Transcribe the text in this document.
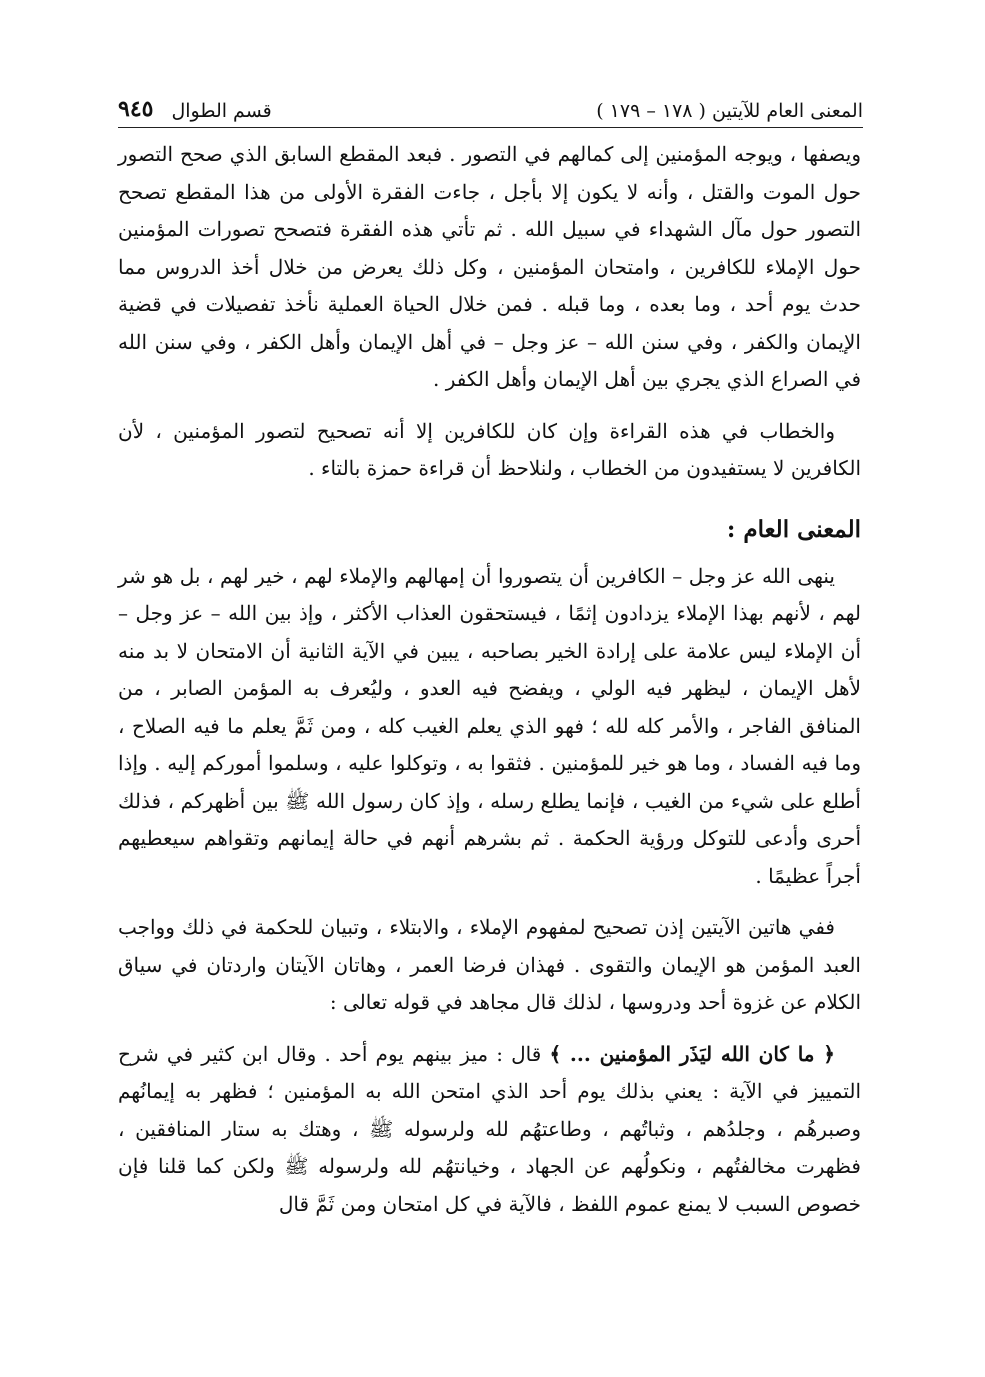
المعنى العام للآيتين ( ١٧٨ – ١٧٩ )
قسم الطوال
٩٤٥

ويصفها ، ويوجه المؤمنين إلى كمالهم في التصور . فبعد المقطع السابق الذي صحح التصور حول الموت والقتل ، وأنه لا يكون إلا بأجل ، جاءت الفقرة الأولى من هذا المقطع تصحح التصور حول مآل الشهداء في سبيل الله . ثم تأتي هذه الفقرة فتصحح تصورات المؤمنين حول الإملاء للكافرين ، وامتحان المؤمنين ، وكل ذلك يعرض من خلال أخذ الدروس مما حدث يوم أحد ، وما بعده ، وما قبله . فمن خلال الحياة العملية نأخذ تفصيلات في قضية الإيمان والكفر ، وفي سنن الله – عز وجل – في أهل الإيمان وأهل الكفر ، وفي سنن الله في الصراع الذي يجري بين أهل الإيمان وأهل الكفر .

والخطاب في هذه القراءة وإن كان للكافرين إلا أنه تصحيح لتصور المؤمنين ، لأن الكافرين لا يستفيدون من الخطاب ، ولنلاحظ أن قراءة حمزة بالتاء .

المعنى العام :

ينهى الله عز وجل – الكافرين أن يتصوروا أن إمهالهم والإملاء لهم ، خير لهم ، بل هو شر لهم ، لأنهم بهذا الإملاء يزدادون إثمًا ، فيستحقون العذاب الأكثر ، وإذ بين الله – عز وجل – أن الإملاء ليس علامة على إرادة الخير بصاحبه ، يبين في الآية الثانية أن الامتحان لا بد منه لأهل الإيمان ، ليظهر فيه الولي ، ويفضح فيه العدو ، وليُعرف به المؤمن الصابر ، من المنافق الفاجر ، والأمر كله لله ؛ فهو الذي يعلم الغيب كله ، ومن ثَمَّ يعلم ما فيه الصلاح ، وما فيه الفساد ، وما هو خير للمؤمنين . فثقوا به ، وتوكلوا عليه ، وسلموا أموركم إليه . وإذا أطلع على شيء من الغيب ، فإنما يطلع رسله ، وإذ كان رسول الله ﷺ بين أظهركم ، فذلك أحرى وأدعى للتوكل ورؤية الحكمة . ثم بشرهم أنهم في حالة إيمانهم وتقواهم سيعطيهم أجراً عظيمًا .

ففي هاتين الآيتين إذن تصحيح لمفهوم الإملاء ، والابتلاء ، وتبيان للحكمة في ذلك وواجب العبد المؤمن هو الإيمان والتقوى . فهذان فرضا العمر ، وهاتان الآيتان واردتان في سياق الكلام عن غزوة أحد ودروسها ، لذلك قال مجاهد في قوله تعالى :

﴿ ما كان الله ليَذَر المؤمنين ... ﴾ قال : ميز بينهم يوم أحد . وقال ابن كثير في شرح التمييز في الآية : يعني بذلك يوم أحد الذي امتحن الله به المؤمنين ؛ فظهر به إيمانُهم وصبرهُم ، وجلدُهم ، وثباتُهم ، وطاعتهُم لله ولرسوله ﷺ ، وهتك به ستار المنافقين ، فظهرت مخالفتُهم ، ونكولُهم عن الجهاد ، وخيانتهُم لله ولرسوله ﷺ ولكن كما قلنا فإن خصوص السبب لا يمنع عموم اللفظ ، فالآية في كل امتحان ومن ثَمَّ قال
